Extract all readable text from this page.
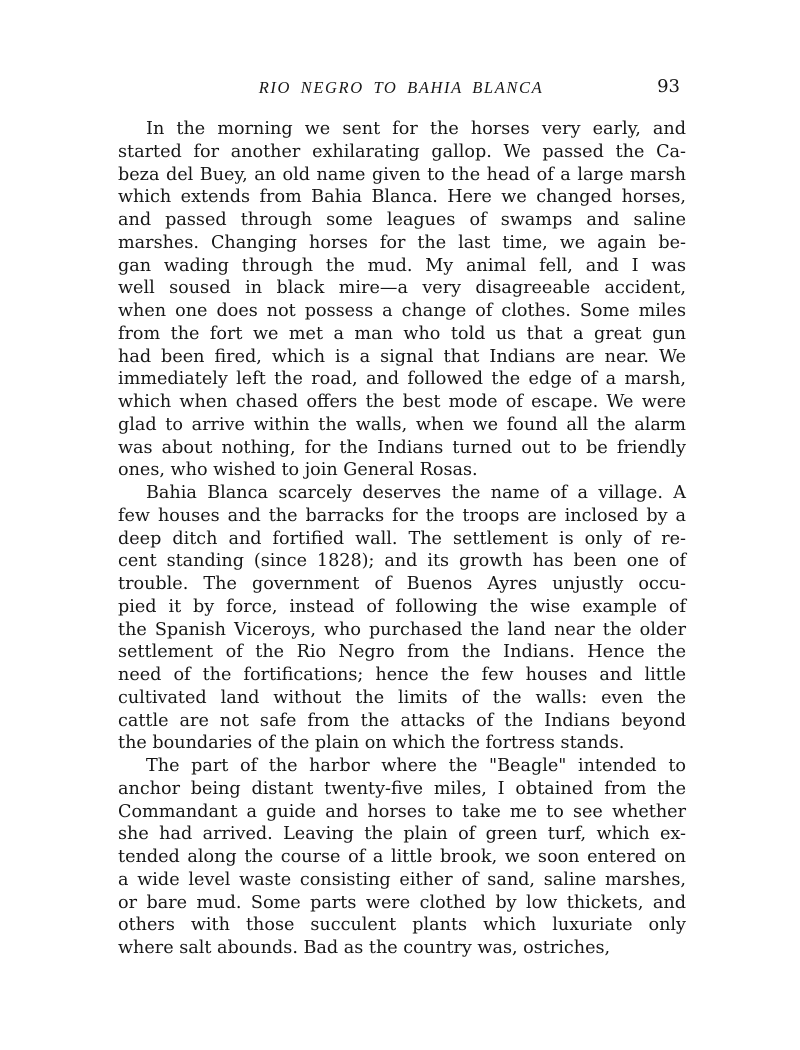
RIO NEGRO TO BAHIA BLANCA	93
In the morning we sent for the horses very early, and
started for another exhilarating gallop. We passed the Ca-
beza del Buey, an old name given to the head of a large marsh
which extends from Bahia Blanca. Here we changed horses,
and passed through some leagues of swamps and saline
marshes. Changing horses for the last time, we again be-
gan wading through the mud. My animal fell, and I was
well soused in black mire—a very disagreeable accident,
when one does not possess a change of clothes. Some miles
from the fort we met a man who told us that a great gun
had been fired, which is a signal that Indians are near. We
immediately left the road, and followed the edge of a marsh,
which when chased offers the best mode of escape. We were
glad to arrive within the walls, when we found all the alarm
was about nothing, for the Indians turned out to be friendly
ones, who wished to join General Rosas.
Bahia Blanca scarcely deserves the name of a village. A
few houses and the barracks for the troops are inclosed by a
deep ditch and fortified wall. The settlement is only of re-
cent standing (since 1828); and its growth has been one of
trouble. The government of Buenos Ayres unjustly occu-
pied it by force, instead of following the wise example of
the Spanish Viceroys, who purchased the land near the older
settlement of the Rio Negro from the Indians. Hence the
need of the fortifications; hence the few houses and little
cultivated land without the limits of the walls: even the
cattle are not safe from the attacks of the Indians beyond
the boundaries of the plain on which the fortress stands.
The part of the harbor where the "Beagle" intended to
anchor being distant twenty-five miles, I obtained from the
Commandant a guide and horses to take me to see whether
she had arrived. Leaving the plain of green turf, which ex-
tended along the course of a little brook, we soon entered on
a wide level waste consisting either of sand, saline marshes,
or bare mud. Some parts were clothed by low thickets, and
others with those succulent plants which luxuriate only
where salt abounds. Bad as the country was, ostriches,
